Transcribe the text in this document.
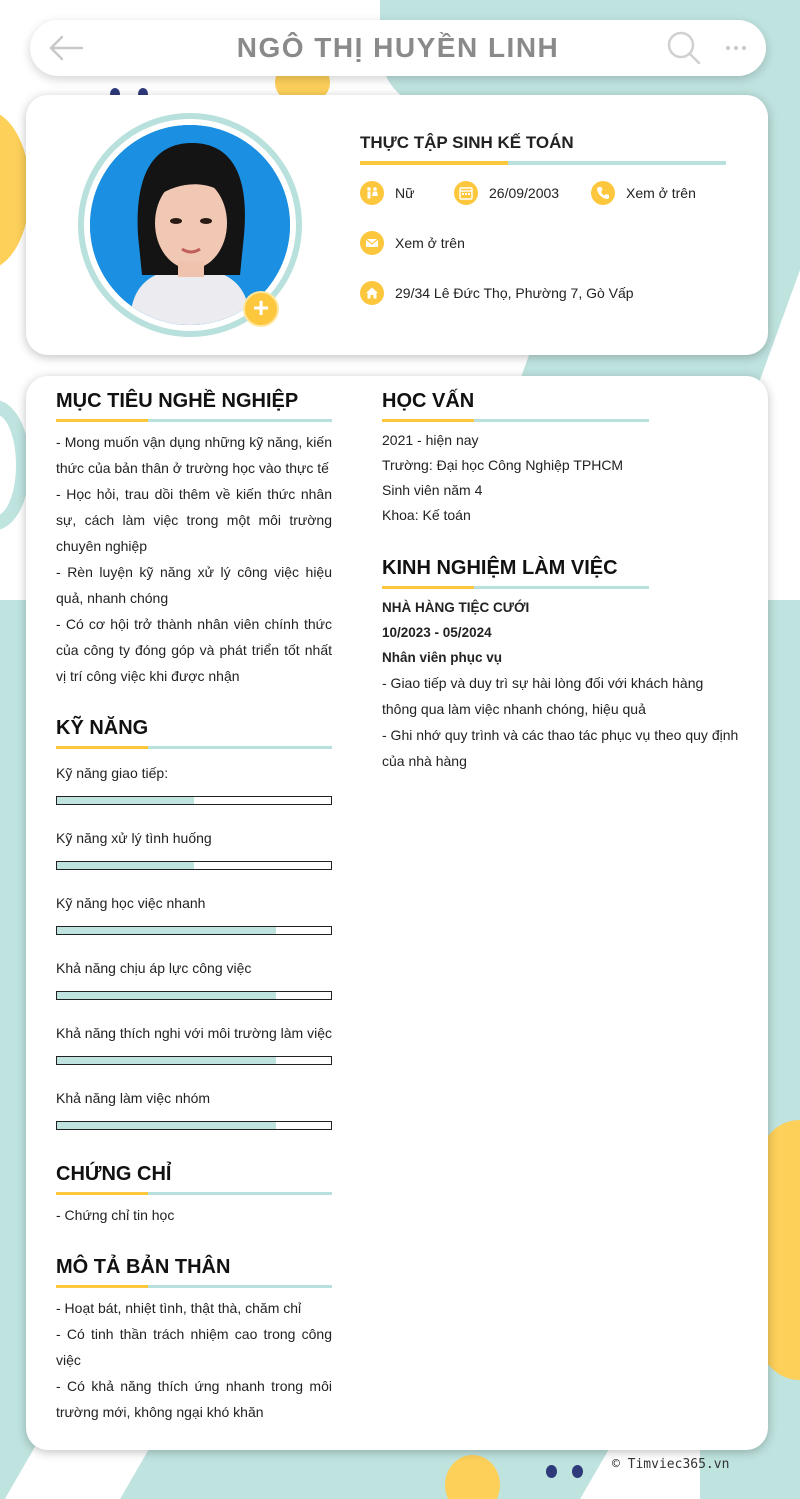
NGÔ THỊ HUYỀN LINH
+
THỰC TẬP SINH KẾ TOÁN
Nữ	26/09/2003	Xem ở trên
Xem ở trên
29/34 Lê Đức Thọ, Phường 7, Gò Vấp
MỤC TIÊU NGHỀ NGHIỆP

- Mong muốn vận dụng những kỹ năng, kiến thức của bản thân ở trường học vào thực tế

- Học hỏi, trau dồi thêm về kiến thức nhân sự, cách làm việc trong một môi trường chuyên nghiệp

- Rèn luyện kỹ năng xử lý công việc hiệu quả, nhanh chóng

- Có cơ hội trở thành nhân viên chính thức của công ty đóng góp và phát triển tốt nhất vị trí công việc khi được nhận

KỸ NĂNG
Kỹ năng giao tiếp:
Kỹ năng xử lý tình huống
Kỹ năng học việc nhanh
Khả năng chịu áp lực công việc
Khả năng thích nghi với môi trường làm việc
Khả năng làm việc nhóm
CHỨNG CHỈ

- Chứng chỉ tin học

MÔ TẢ BẢN THÂN

- Hoạt bát, nhiệt tình, thật thà, chăm chỉ

- Có tinh thần trách nhiệm cao trong công việc

- Có khả năng thích ứng nhanh trong môi trường mới, không ngại khó khăn

HỌC VẤN
2021 - hiện nay
Trường: Đại học Công Nghiệp TPHCM
Sinh viên năm 4
Khoa: Kế toán
KINH NGHIỆM LÀM VIỆC
NHÀ HÀNG TIỆC CƯỚI
10/2023 - 05/2024
Nhân viên phục vụ
- Giao tiếp và duy trì sự hài lòng đối với khách hàng thông qua làm việc nhanh chóng, hiệu quả
- Ghi nhớ quy trình và các thao tác phục vụ theo quy định của nhà hàng
© Timviec365.vn
